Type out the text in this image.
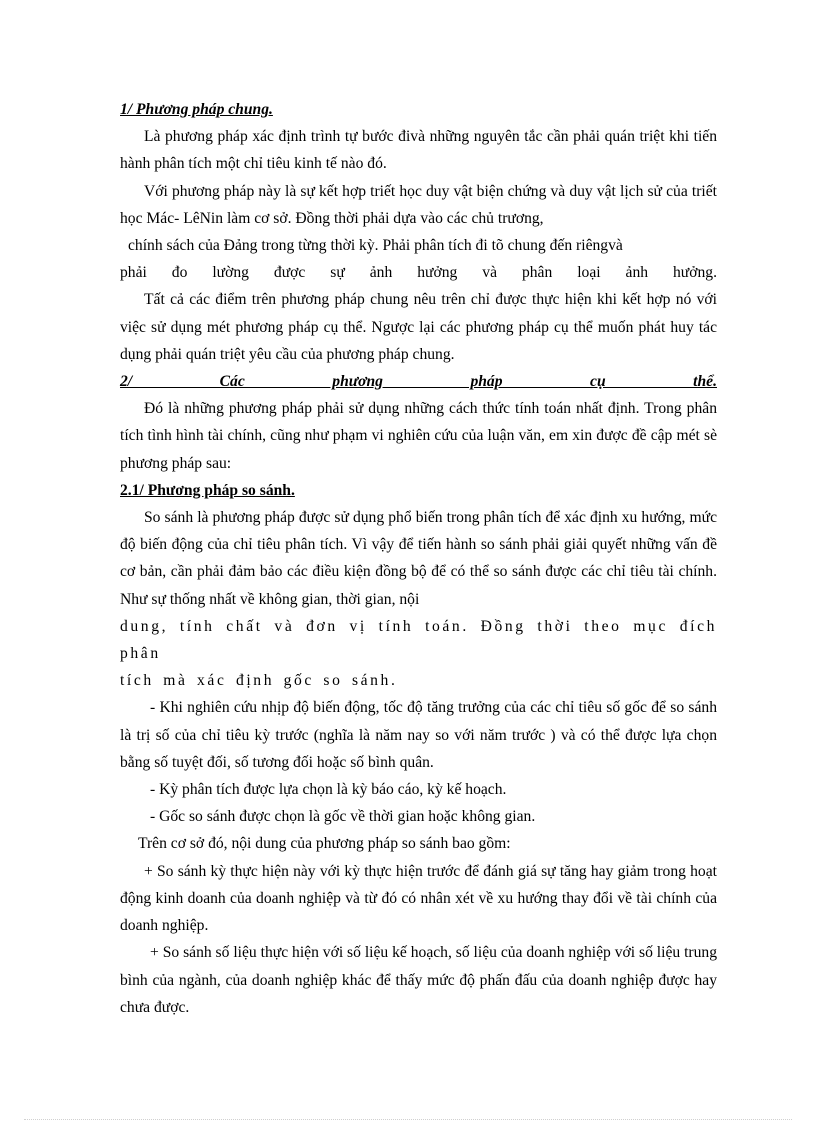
1/ Phương pháp chung.

Là phương pháp xác định trình tự bước đivà những nguyên tắc cần phải quán triệt khi tiến hành phân tích một chỉ tiêu kinh tế nào đó.

Với phương pháp này là sự kết hợp triết học duy vật biện chứng và duy vật lịch sử của triết học Mác- LêNin làm cơ sở. Đồng thời phải dựa vào các chủ trương,

chính sách của Đảng trong từng thời kỳ. Phải phân tích đi tõ chung đến riêngvà

phải đo lường được sự ảnh hưởng và phân loại ảnh hưởng.

Tất cả các điểm trên phương pháp chung nêu trên chỉ được thực hiện khi kết hợp nó với việc sử dụng mét phương pháp cụ thể. Ngược lại các phương pháp cụ thể muốn phát huy tác dụng phải quán triệt yêu cầu của phương pháp chung.

2/ Các phương pháp cụ thể.

Đó là những phương pháp phải sử dụng những cách thức tính toán nhất định. Trong phân tích tình hình tài chính, cũng như phạm vi nghiên cứu của luận văn, em xin được đề cập mét sè phương pháp sau:

2.1/ Phương pháp so sánh.

So sánh là phương pháp được sử dụng phổ biến trong phân tích để xác định xu hướng, mức độ biến động của chỉ tiêu phân tích. Vì vậy để tiến hành so sánh phải giải quyết những vấn đề cơ bản, cần phải đảm bảo các điều kiện đồng bộ để có thể so sánh được các chỉ tiêu tài chính. Như sự thống nhất về không gian, thời gian, nội

dung, tính chất và đơn vị tính toán. Đồng thời theo mục đích phân

tích mà xác định gốc so sánh.

- Khi nghiên cứu nhịp độ biến động, tốc độ tăng trưởng của các chỉ tiêu số gốc để so sánh là trị số của chỉ tiêu kỳ trước (nghĩa là năm nay so với năm trước ) và có thể được lựa chọn bằng số tuyệt đối, số tương đối hoặc số bình quân.

- Kỳ phân tích được lựa chọn là kỳ báo cáo, kỳ kế hoạch.

- Gốc so sánh được chọn là gốc về thời gian hoặc không gian.

Trên cơ sở đó, nội dung của phương pháp so sánh bao gồm:

+ So sánh kỳ thực hiện này với kỳ thực hiện trước để đánh giá sự tăng hay giảm trong hoạt động kinh doanh của doanh nghiệp và từ đó có nhân xét về xu hướng thay đổi về tài chính của doanh nghiệp.

+ So sánh số liệu thực hiện với số liệu kế hoạch, số liệu của doanh nghiệp với số liệu trung bình của ngành, của doanh nghiệp khác để thấy mức độ phấn đấu của doanh nghiệp được hay chưa được.
